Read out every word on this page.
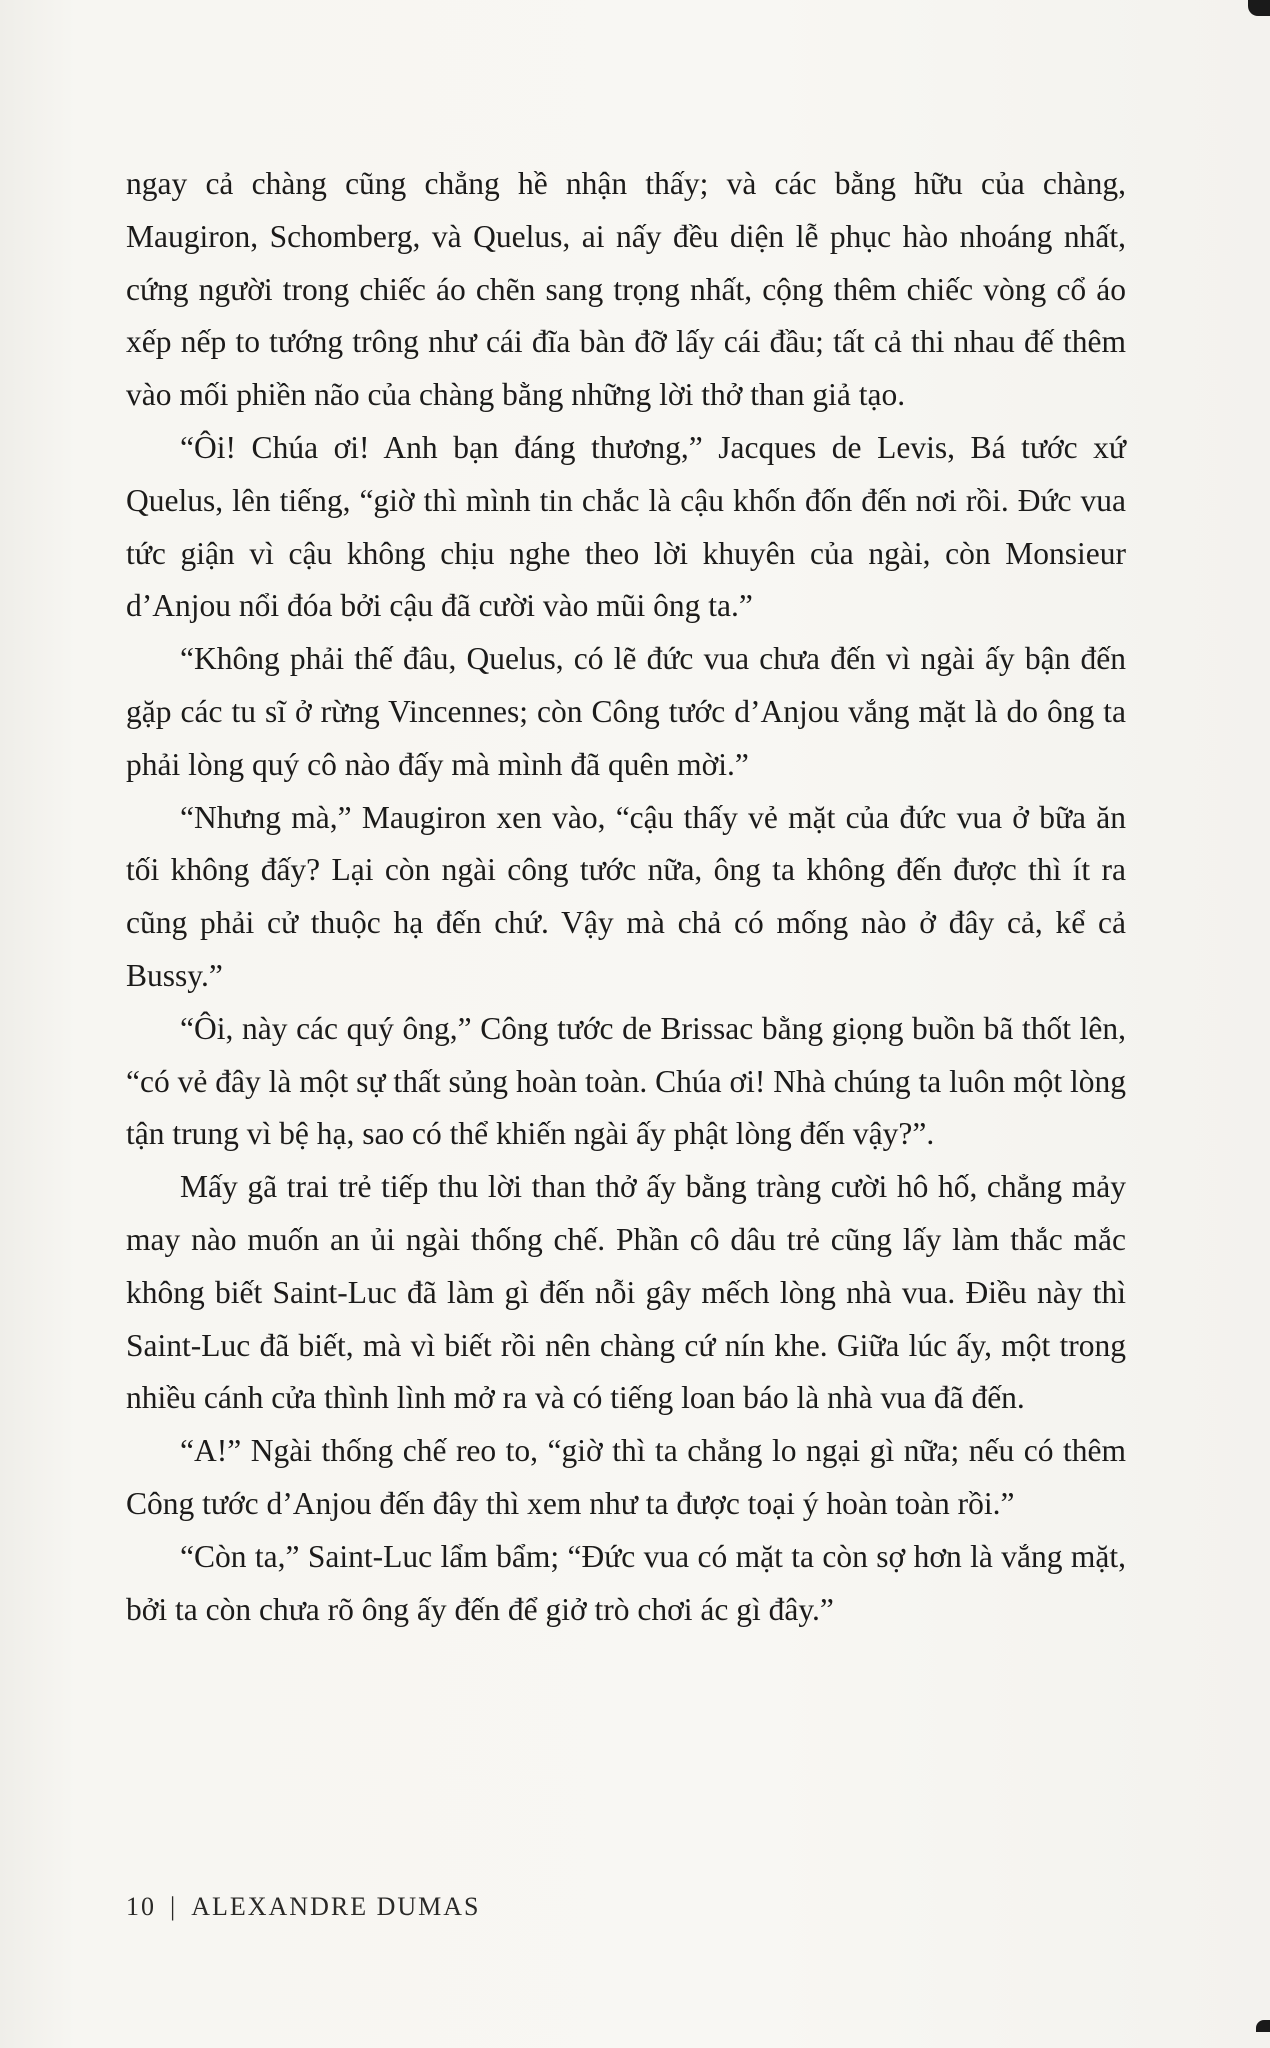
ngay cả chàng cũng chẳng hề nhận thấy; và các bằng hữu của chàng, Maugiron, Schomberg, và Quelus, ai nấy đều diện lễ phục hào nhoáng nhất, cứng người trong chiếc áo chẽn sang trọng nhất, cộng thêm chiếc vòng cổ áo xếp nếp to tướng trông như cái đĩa bàn đỡ lấy cái đầu; tất cả thi nhau đế thêm vào mối phiền não của chàng bằng những lời thở than giả tạo.

“Ôi! Chúa ơi! Anh bạn đáng thương,” Jacques de Levis, Bá tước xứ Quelus, lên tiếng, “giờ thì mình tin chắc là cậu khốn đốn đến nơi rồi. Đức vua tức giận vì cậu không chịu nghe theo lời khuyên của ngài, còn Monsieur d’Anjou nổi đóa bởi cậu đã cười vào mũi ông ta.”

“Không phải thế đâu, Quelus, có lẽ đức vua chưa đến vì ngài ấy bận đến gặp các tu sĩ ở rừng Vincennes; còn Công tước d’Anjou vắng mặt là do ông ta phải lòng quý cô nào đấy mà mình đã quên mời.”

“Nhưng mà,” Maugiron xen vào, “cậu thấy vẻ mặt của đức vua ở bữa ăn tối không đấy? Lại còn ngài công tước nữa, ông ta không đến được thì ít ra cũng phải cử thuộc hạ đến chứ. Vậy mà chả có mống nào ở đây cả, kể cả Bussy.”

“Ôi, này các quý ông,” Công tước de Brissac bằng giọng buồn bã thốt lên, “có vẻ đây là một sự thất sủng hoàn toàn. Chúa ơi! Nhà chúng ta luôn một lòng tận trung vì bệ hạ, sao có thể khiến ngài ấy phật lòng đến vậy?”.

Mấy gã trai trẻ tiếp thu lời than thở ấy bằng tràng cười hô hố, chẳng mảy may nào muốn an ủi ngài thống chế. Phần cô dâu trẻ cũng lấy làm thắc mắc không biết Saint-Luc đã làm gì đến nỗi gây mếch lòng nhà vua. Điều này thì Saint-Luc đã biết, mà vì biết rồi nên chàng cứ nín khe. Giữa lúc ấy, một trong nhiều cánh cửa thình lình mở ra và có tiếng loan báo là nhà vua đã đến.

“A!” Ngài thống chế reo to, “giờ thì ta chẳng lo ngại gì nữa; nếu có thêm Công tước d’Anjou đến đây thì xem như ta được toại ý hoàn toàn rồi.”

“Còn ta,” Saint-Luc lẩm bẩm; “Đức vua có mặt ta còn sợ hơn là vắng mặt, bởi ta còn chưa rõ ông ấy đến để giở trò chơi ác gì đây.”

10 | ALEXANDRE DUMAS
